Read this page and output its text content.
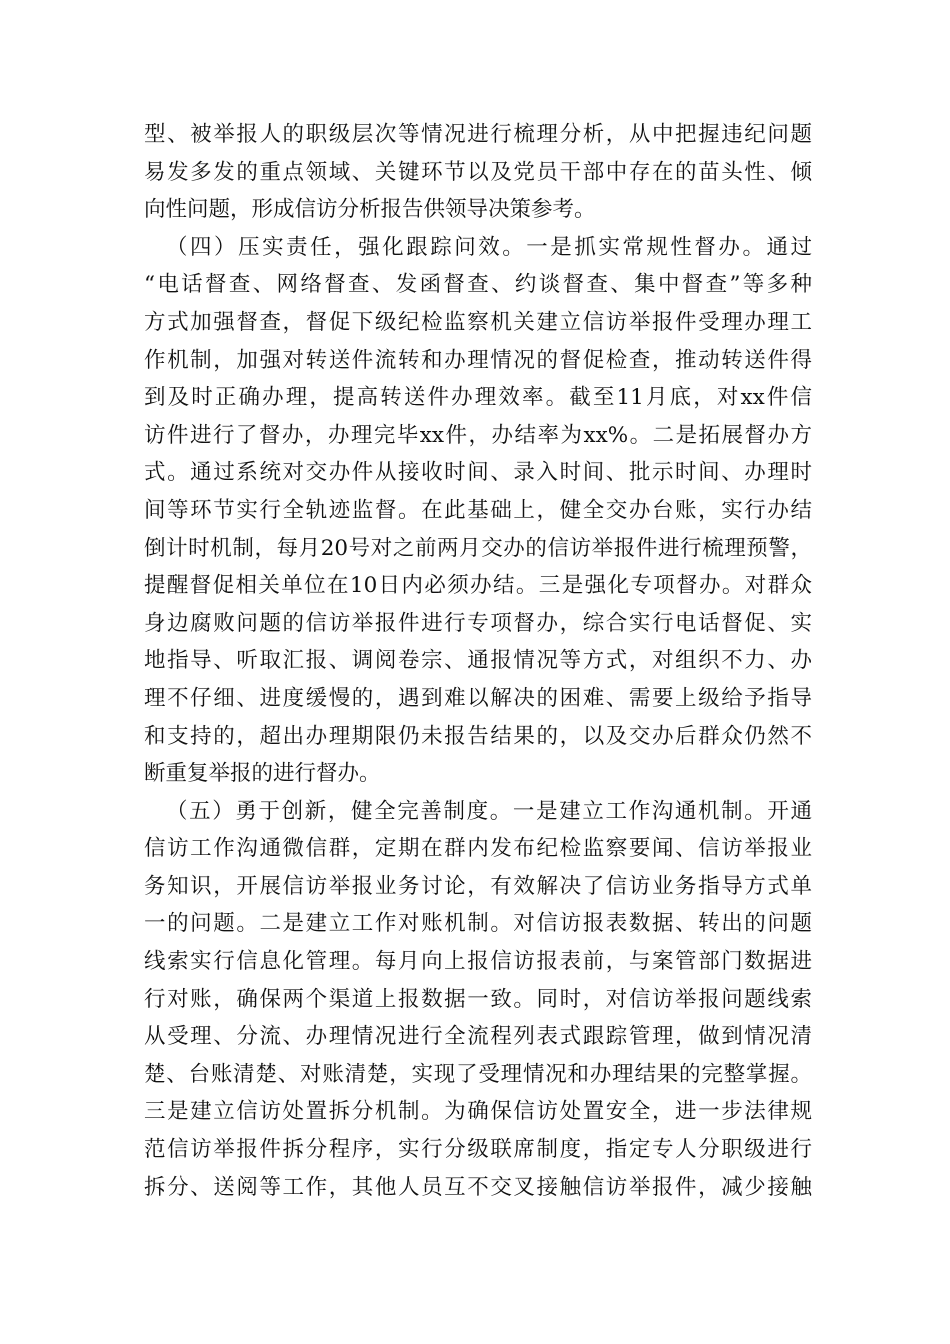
型、被举报人的职级层次等情况进行梳理分析，从中把握违纪问题
易发多发的重点领域、关键环节以及党员干部中存在的苗头性、倾
向性问题，形成信访分析报告供领导决策参考。
（四）压实责任，强化跟踪问效。一是抓实常规性督办。通过
“电话督查、网络督查、发函督查、约谈督查、集中督查”等多种
方式加强督查，督促下级纪检监察机关建立信访举报件受理办理工
作机制，加强对转送件流转和办理情况的督促检查，推动转送件得
到及时正确办理，提高转送件办理效率。截至11月底，对xx件信
访件进行了督办，办理完毕xx件，办结率为xx%。二是拓展督办方
式。通过系统对交办件从接收时间、录入时间、批示时间、办理时
间等环节实行全轨迹监督。在此基础上，健全交办台账，实行办结
倒计时机制，每月20号对之前两月交办的信访举报件进行梳理预警，
提醒督促相关单位在10日内必须办结。三是强化专项督办。对群众
身边腐败问题的信访举报件进行专项督办，综合实行电话督促、实
地指导、听取汇报、调阅卷宗、通报情况等方式，对组织不力、办
理不仔细、进度缓慢的，遇到难以解决的困难、需要上级给予指导
和支持的，超出办理期限仍未报告结果的，以及交办后群众仍然不
断重复举报的进行督办。
（五）勇于创新，健全完善制度。一是建立工作沟通机制。开通
信访工作沟通微信群，定期在群内发布纪检监察要闻、信访举报业
务知识，开展信访举报业务讨论，有效解决了信访业务指导方式单
一的问题。二是建立工作对账机制。对信访报表数据、转出的问题
线索实行信息化管理。每月向上报信访报表前，与案管部门数据进
行对账，确保两个渠道上报数据一致。同时，对信访举报问题线索
从受理、分流、办理情况进行全流程列表式跟踪管理，做到情况清
楚、台账清楚、对账清楚，实现了受理情况和办理结果的完整掌握。
三是建立信访处置拆分机制。为确保信访处置安全，进一步法律规
范信访举报件拆分程序，实行分级联席制度，指定专人分职级进行
拆分、送阅等工作，其他人员互不交叉接触信访举报件，减少接触
